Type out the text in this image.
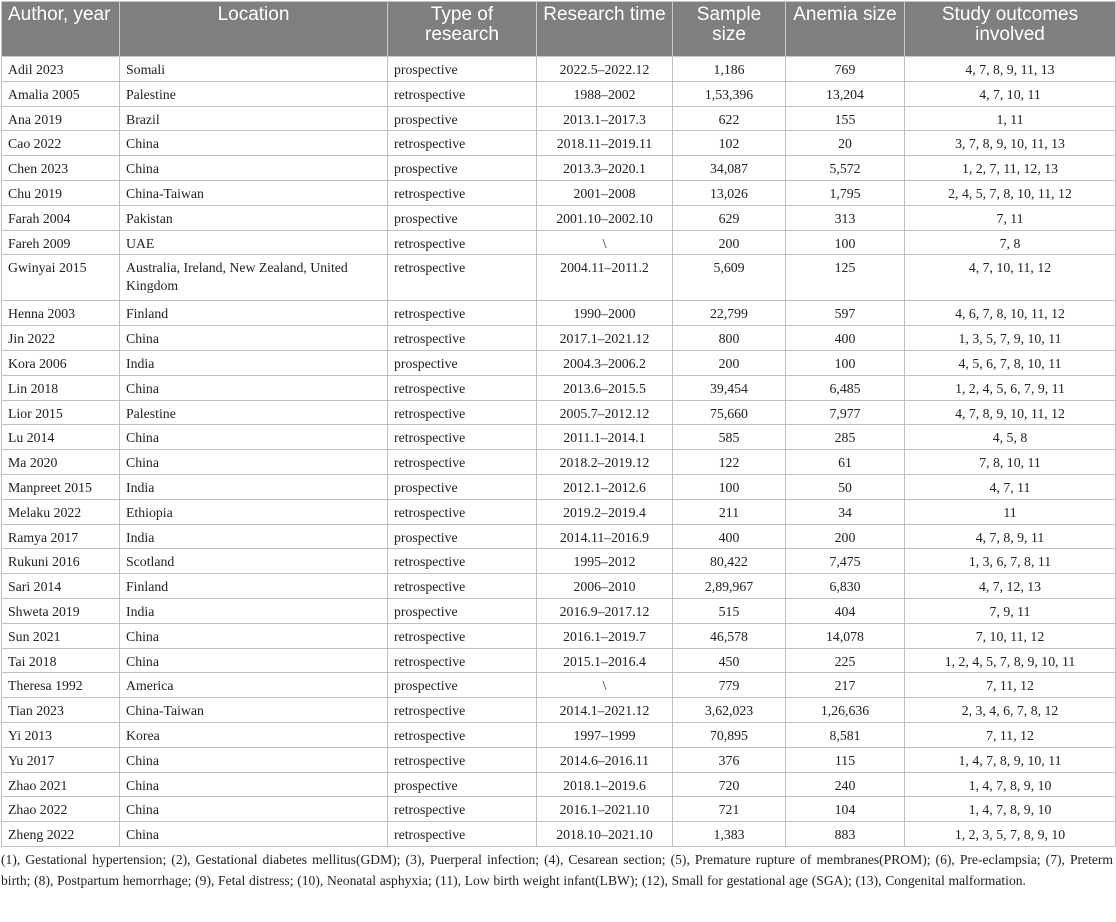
Author, year	Location	Type of research	Research time	Sample size	Anemia size	Study outcomes involved
Adil 2023	Somali	prospective	2022.5–2022.12	1,186	769	4, 7, 8, 9, 11, 13
Amalia 2005	Palestine	retrospective	1988–2002	1,53,396	13,204	4, 7, 10, 11
Ana 2019	Brazil	prospective	2013.1–2017.3	622	155	1, 11
Cao 2022	China	retrospective	2018.11–2019.11	102	20	3, 7, 8, 9, 10, 11, 13
Chen 2023	China	prospective	2013.3–2020.1	34,087	5,572	1, 2, 7, 11, 12, 13
Chu 2019	China-Taiwan	retrospective	2001–2008	13,026	1,795	2, 4, 5, 7, 8, 10, 11, 12
Farah 2004	Pakistan	prospective	2001.10–2002.10	629	313	7, 11
Fareh 2009	UAE	retrospective	\	200	100	7, 8
Gwinyai 2015	Australia, Ireland, New Zealand, United Kingdom	retrospective	2004.11–2011.2	5,609	125	4, 7, 10, 11, 12
Henna 2003	Finland	retrospective	1990–2000	22,799	597	4, 6, 7, 8, 10, 11, 12
Jin 2022	China	retrospective	2017.1–2021.12	800	400	1, 3, 5, 7, 9, 10, 11
Kora 2006	India	prospective	2004.3–2006.2	200	100	4, 5, 6, 7, 8, 10, 11
Lin 2018	China	retrospective	2013.6–2015.5	39,454	6,485	1, 2, 4, 5, 6, 7, 9, 11
Lior 2015	Palestine	retrospective	2005.7–2012.12	75,660	7,977	4, 7, 8, 9, 10, 11, 12
Lu 2014	China	retrospective	2011.1–2014.1	585	285	4, 5, 8
Ma 2020	China	retrospective	2018.2–2019.12	122	61	7, 8, 10, 11
Manpreet 2015	India	prospective	2012.1–2012.6	100	50	4, 7, 11
Melaku 2022	Ethiopia	retrospective	2019.2–2019.4	211	34	11
Ramya 2017	India	prospective	2014.11–2016.9	400	200	4, 7, 8, 9, 11
Rukuni 2016	Scotland	retrospective	1995–2012	80,422	7,475	1, 3, 6, 7, 8, 11
Sari 2014	Finland	retrospective	2006–2010	2,89,967	6,830	4, 7, 12, 13
Shweta 2019	India	prospective	2016.9–2017.12	515	404	7, 9, 11
Sun 2021	China	retrospective	2016.1–2019.7	46,578	14,078	7, 10, 11, 12
Tai 2018	China	retrospective	2015.1–2016.4	450	225	1, 2, 4, 5, 7, 8, 9, 10, 11
Theresa 1992	America	prospective	\	779	217	7, 11, 12
Tian 2023	China-Taiwan	retrospective	2014.1–2021.12	3,62,023	1,26,636	2, 3, 4, 6, 7, 8, 12
Yi 2013	Korea	retrospective	1997–1999	70,895	8,581	7, 11, 12
Yu 2017	China	retrospective	2014.6–2016.11	376	115	1, 4, 7, 8, 9, 10, 11
Zhao 2021	China	prospective	2018.1–2019.6	720	240	1, 4, 7, 8, 9, 10
Zhao 2022	China	retrospective	2016.1–2021.10	721	104	1, 4, 7, 8, 9, 10
Zheng 2022	China	retrospective	2018.10–2021.10	1,383	883	1, 2, 3, 5, 7, 8, 9, 10
(1), Gestational hypertension; (2), Gestational diabetes mellitus(GDM); (3), Puerperal infection; (4), Cesarean section; (5), Premature rupture of membranes(PROM); (6), Pre-eclampsia; (7), Preterm birth; (8), Postpartum hemorrhage; (9), Fetal distress; (10), Neonatal asphyxia; (11), Low birth weight infant(LBW); (12), Small for gestational age (SGA); (13), Congenital malformation.
